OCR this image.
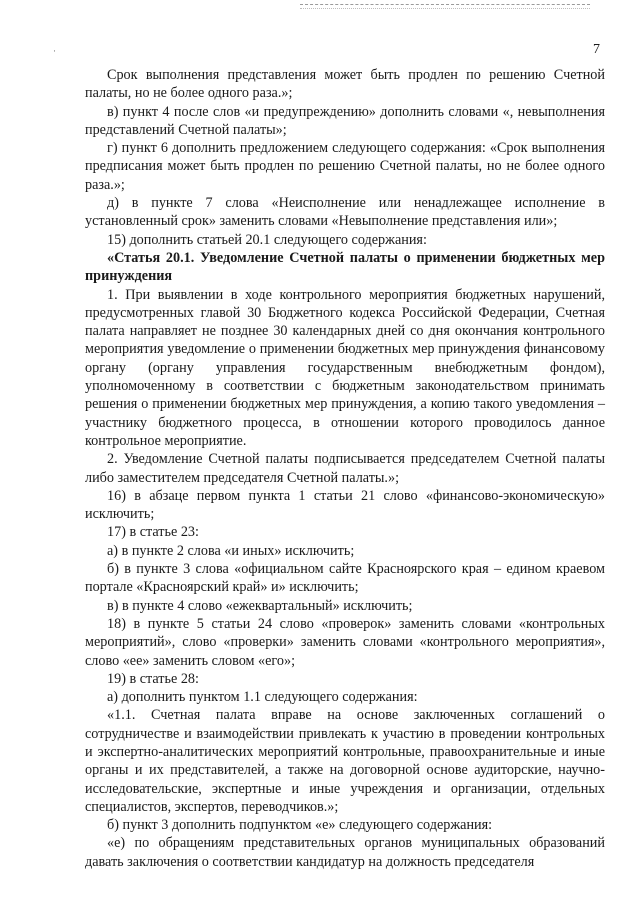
·	7

Срок выполнения представления может быть продлен по решению Счетной палаты, но не более одного раза.»;

в) пункт 4 после слов «и предупреждению» дополнить словами «, невыполнения представлений Счетной палаты»;

г) пункт 6 дополнить предложением следующего содержания: «Срок выполнения предписания может быть продлен по решению Счетной палаты, но не более одного раза.»;

д) в пункте 7 слова «Неисполнение или ненадлежащее исполнение в установленный срок» заменить словами «Невыполнение представления или»;

15) дополнить статьей 20.1 следующего содержания:

«Статья 20.1. Уведомление Счетной палаты о применении бюджетных мер принуждения

1. При выявлении в ходе контрольного мероприятия бюджетных нарушений, предусмотренных главой 30 Бюджетного кодекса Российской Федерации, Счетная палата направляет не позднее 30 календарных дней со дня окончания контрольного мероприятия уведомление о применении бюджетных мер принуждения финансовому органу (органу управления государственным внебюджетным фондом), уполномоченному в соответствии с бюджетным законодательством принимать решения о применении бюджетных мер принуждения, а копию такого уведомления – участнику бюджетного процесса, в отношении которого проводилось данное контрольное мероприятие.

2. Уведомление Счетной палаты подписывается председателем Счетной палаты либо заместителем председателя Счетной палаты.»;

16) в абзаце первом пункта 1 статьи 21 слово «финансово-экономическую» исключить;

17) в статье 23:

а) в пункте 2 слова «и иных» исключить;

б) в пункте 3 слова «официальном сайте Красноярского края – едином краевом портале «Красноярский край» и» исключить;

в) в пункте 4 слово «ежеквартальный» исключить;

18) в пункте 5 статьи 24 слово «проверок» заменить словами «контрольных мероприятий», слово «проверки» заменить словами «контрольного мероприятия», слово «ее» заменить словом «его»;

19) в статье 28:

а) дополнить пунктом 1.1 следующего содержания:

«1.1. Счетная палата вправе на основе заключенных соглашений о сотрудничестве и взаимодействии привлекать к участию в проведении контрольных и экспертно-аналитических мероприятий контрольные, правоохранительные и иные органы и их представителей, а также на договорной основе аудиторские, научно-исследовательские, экспертные и иные учреждения и организации, отдельных специалистов, экспертов, переводчиков.»;

б) пункт 3 дополнить подпунктом «е» следующего содержания:

«е) по обращениям представительных органов муниципальных образований давать заключения о соответствии кандидатур на должность председателя
